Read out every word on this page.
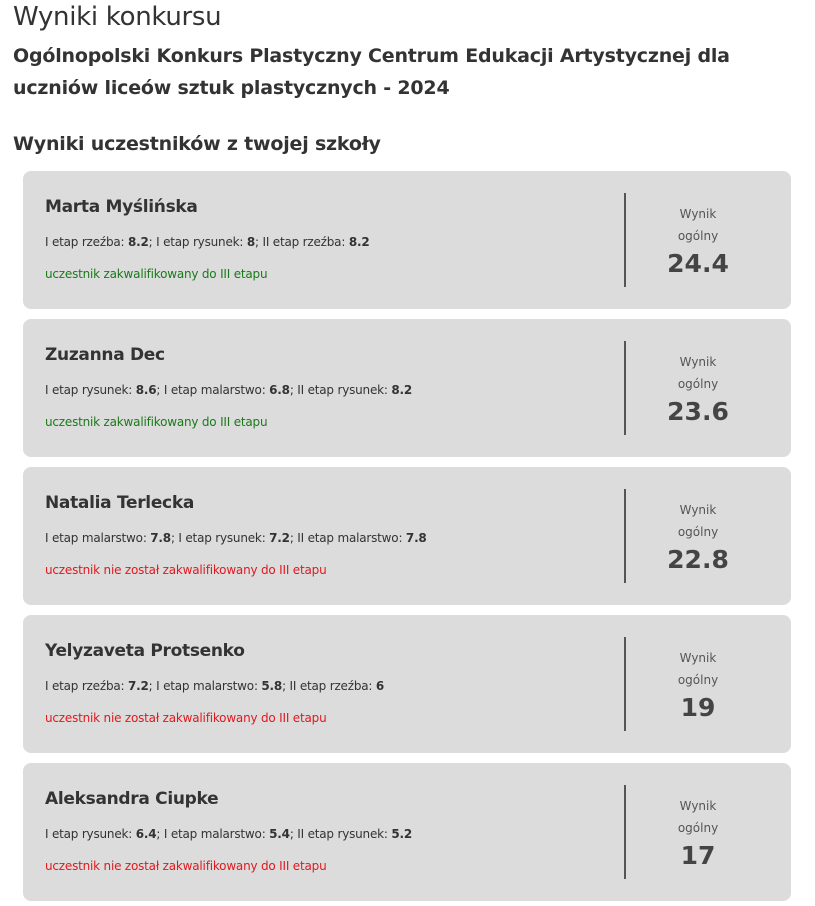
Wyniki konkursu
Ogólnopolski Konkurs Plastyczny Centrum Edukacji Artystycznej dla uczniów liceów sztuk plastycznych - 2024
Wyniki uczestników z twojej szkoły
Marta Myślińska
I etap rzeźba: 8.2; I etap rysunek: 8; II etap rzeźba: 8.2
uczestnik zakwalifikowany do III etapu
Wynik
ogólny
24.4
Zuzanna Dec
I etap rysunek: 8.6; I etap malarstwo: 6.8; II etap rysunek: 8.2
uczestnik zakwalifikowany do III etapu
Wynik
ogólny
23.6
Natalia Terlecka
I etap malarstwo: 7.8; I etap rysunek: 7.2; II etap malarstwo: 7.8
uczestnik nie został zakwalifikowany do III etapu
Wynik
ogólny
22.8
Yelyzaveta Protsenko
I etap rzeźba: 7.2; I etap malarstwo: 5.8; II etap rzeźba: 6
uczestnik nie został zakwalifikowany do III etapu
Wynik
ogólny
19
Aleksandra Ciupke
I etap rysunek: 6.4; I etap malarstwo: 5.4; II etap rysunek: 5.2
uczestnik nie został zakwalifikowany do III etapu
Wynik
ogólny
17
